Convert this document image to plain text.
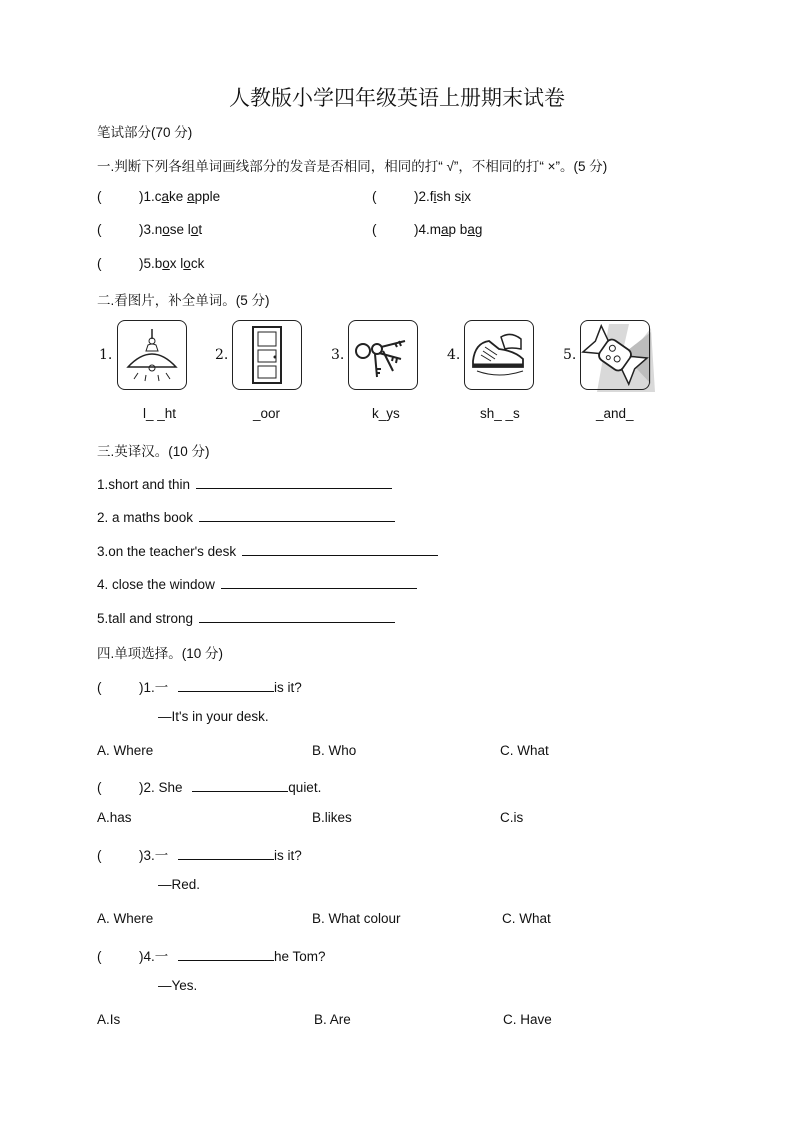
人教版小学四年级英语上册期末试卷
笔试部分(70 分)
一.判断下列各组单词画线部分的发音是否相同，相同的打“ √”，不相同的打“ ×”。(5 分)
(	)1.cake apple	(	)2.fish six
(	)3.nose lot	(	)4.map bag
(	)5.box lock
二.看图片，补全单词。(5 分)
1.
l_ _ht
2.
_oor
3.
k_ys
4.
sh_ _s
5.
_and_
三.英译汉。(10 分)
1.short and thin
2. a maths book
3.on the teacher's desk
4. close the window
5.tall and strong
四.单项选择。(10 分)
(	)1.一	is it?
—It's in your desk.
A. Where	B. Who	C. What
(	)2. She	quiet.
A.has	B.likes	C.is
(	)3.一	is it?
—Red.
A. Where	B. What colour	C. What
(	)4.一	he Tom?
—Yes.
A.Is	B. Are	C. Have
